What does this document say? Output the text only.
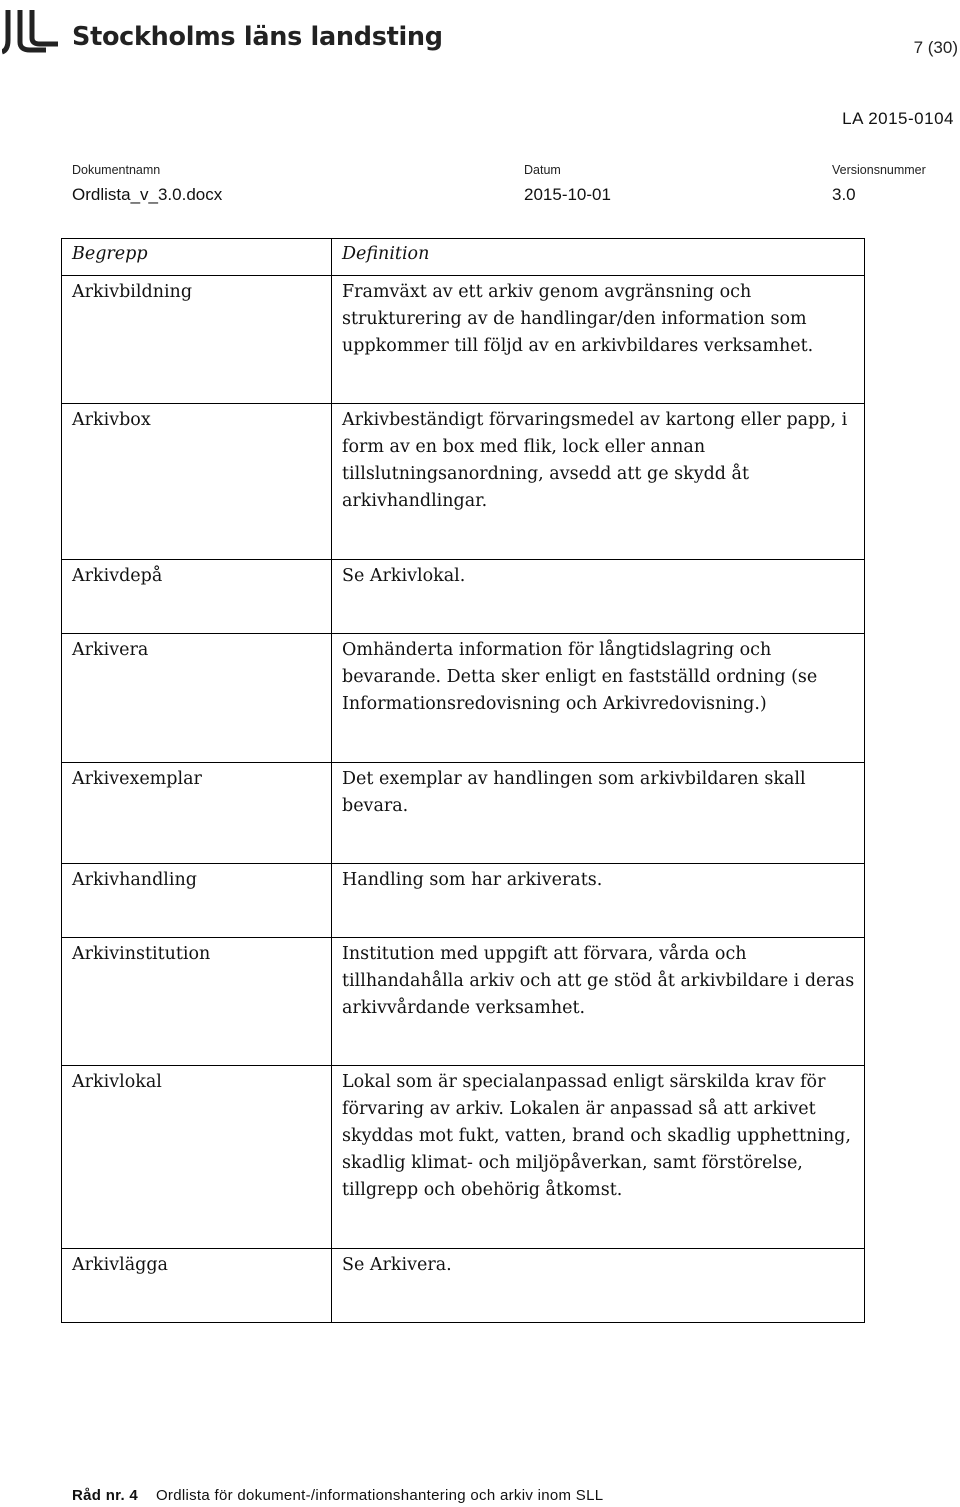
Stockholms läns landsting	7 (30)
LA 2015-0104
Dokumentnamn
Ordlista_v_3.0.docx
Datum
2015-10-01
Versionsnummer
3.0
Begrepp	Definition
Arkivbildning	Framväxt av ett arkiv genom avgränsning och strukturering av de handlingar/den information som uppkommer till följd av en arkivbildares verksamhet.
Arkivbox	Arkivbeständigt förvaringsmedel av kartong eller papp, i form av en box med flik, lock eller annan tillslutningsanordning, avsedd att ge skydd åt arkivhandlingar.
Arkivdepå	Se Arkivlokal.
Arkivera	Omhänderta information för långtidslagring och bevarande. Detta sker enligt en fastställd ordning (se Informationsredovisning och Arkivredovisning.)
Arkivexemplar	Det exemplar av handlingen som arkivbildaren skall bevara.
Arkivhandling	Handling som har arkiverats.
Arkivinstitution	Institution med uppgift att förvara, vårda och tillhandahålla arkiv och att ge stöd åt arkivbildare i deras arkivvårdande verksamhet.
Arkivlokal	Lokal som är specialanpassad enligt särskilda krav för förvaring av arkiv. Lokalen är anpassad så att arkivet skyddas mot fukt, vatten, brand och skadlig upphettning, skadlig klimat- och miljöpåverkan, samt förstörelse, tillgrepp och obehörig åtkomst.
Arkivlägga	Se Arkivera.
Råd nr. 4 Ordlista för dokument-/informationshantering och arkiv inom SLL
